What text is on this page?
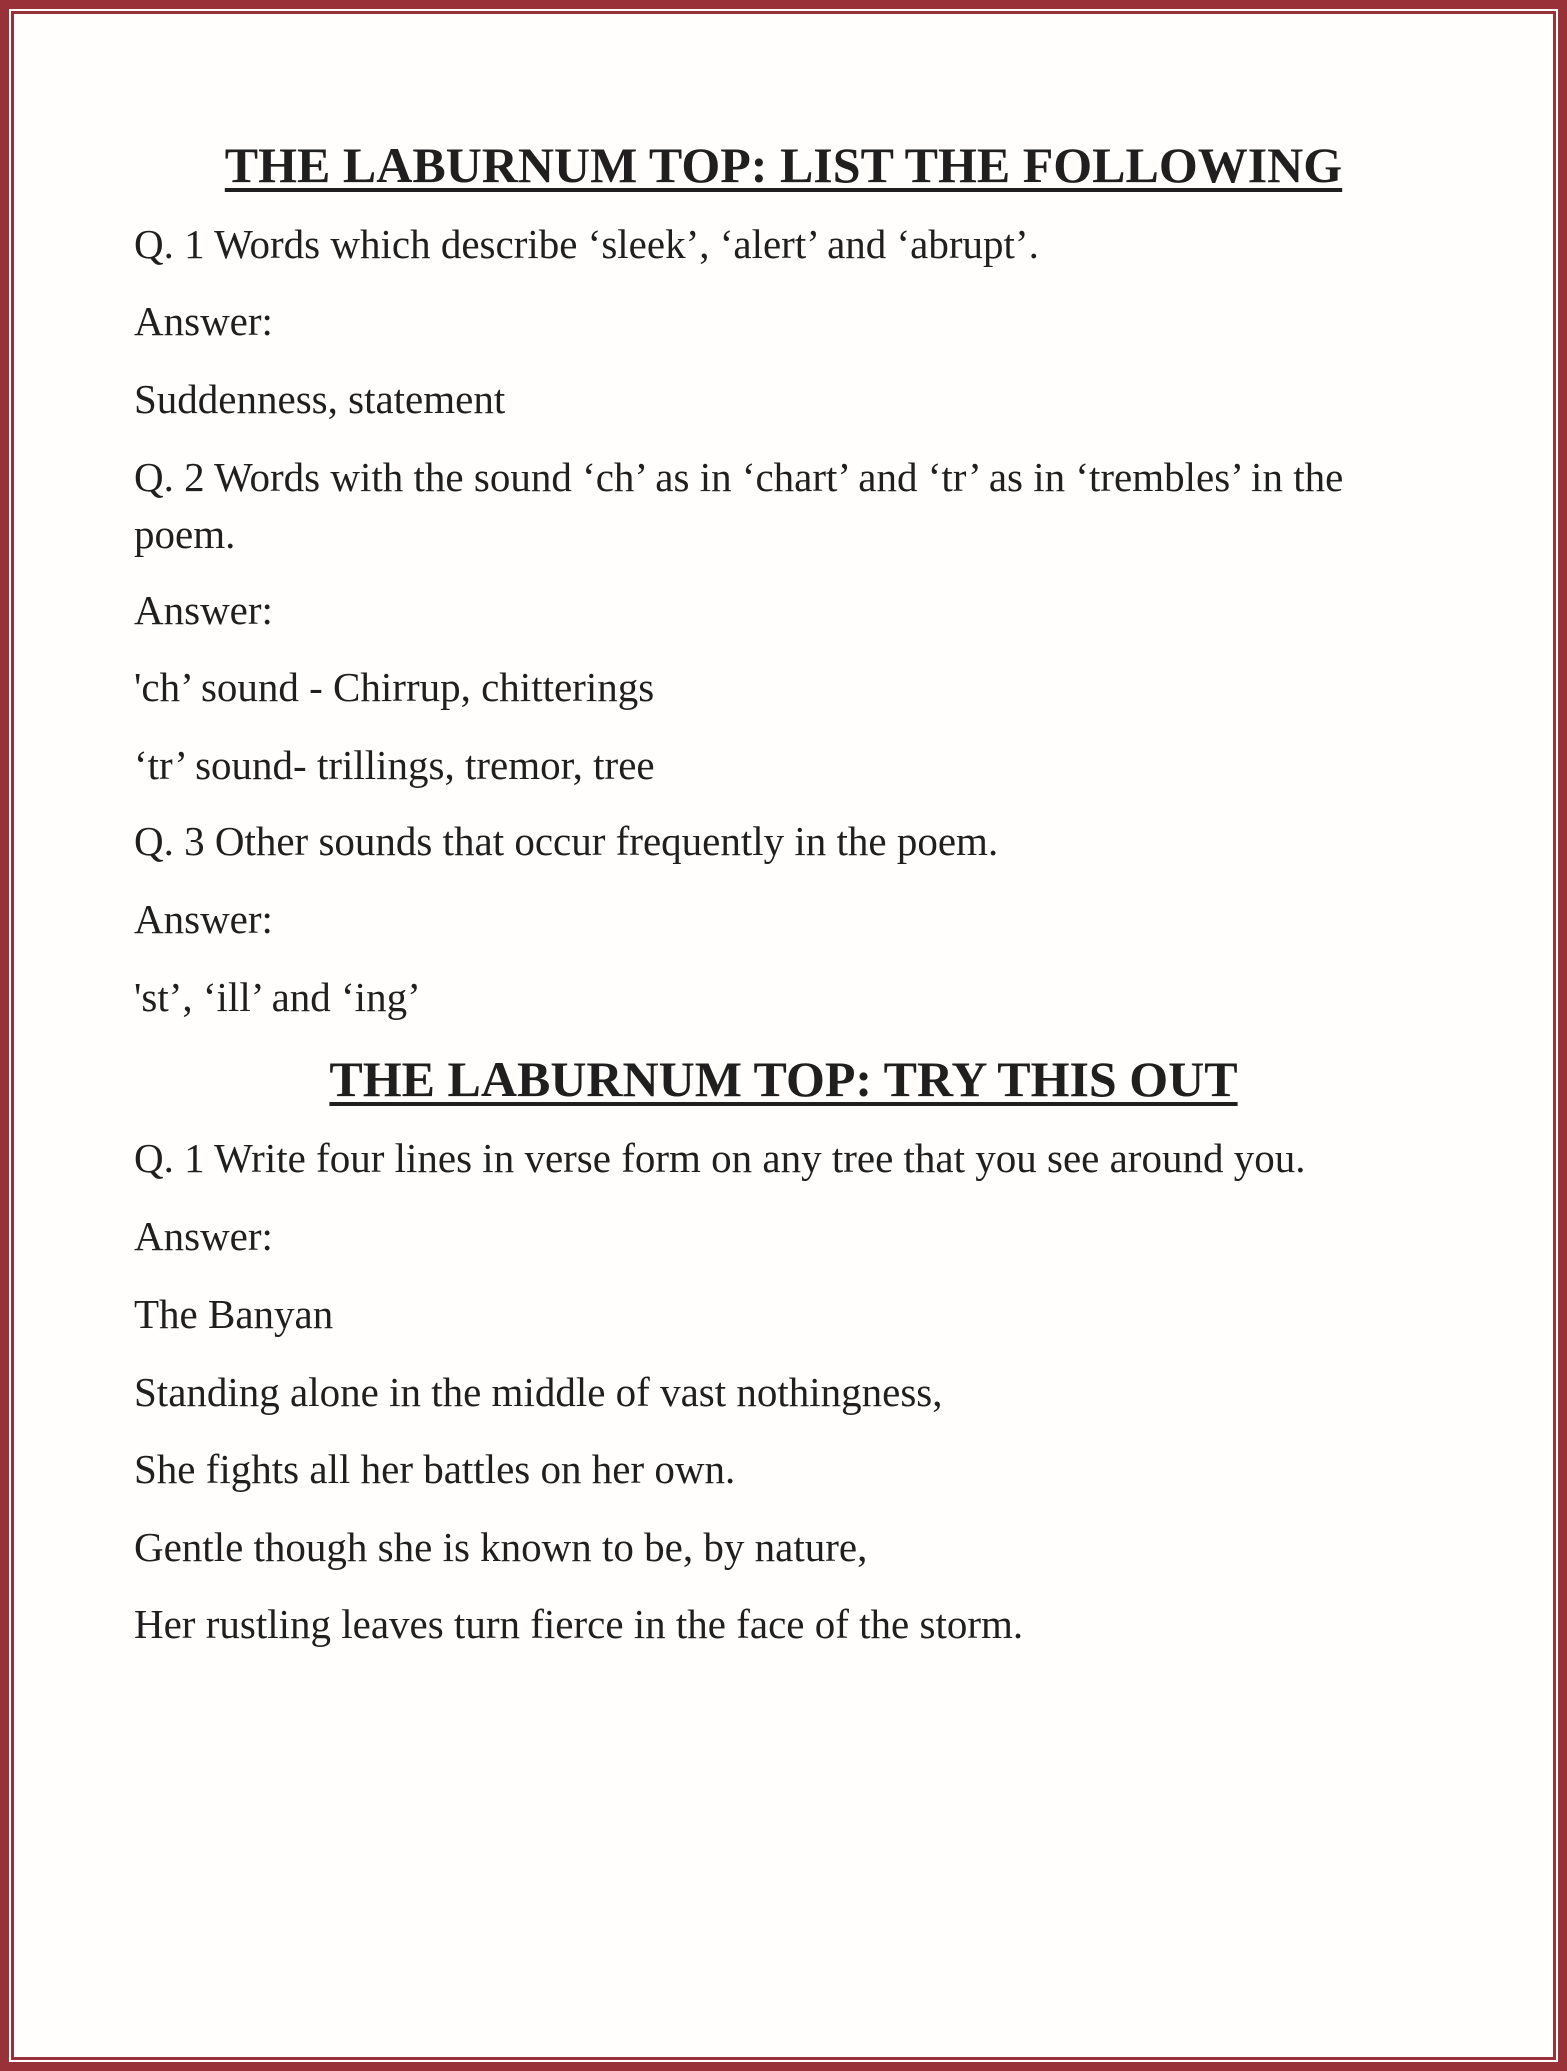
THE LABURNUM TOP: LIST THE FOLLOWING
Q. 1 Words which describe ‘sleek’, ‘alert’ and ‘abrupt’.
Answer:
Suddenness, statement
Q. 2 Words with the sound ‘ch’ as in ‘chart’ and ‘tr’ as in ‘trembles’ in the poem.
Answer:
'ch’ sound - Chirrup, chitterings
‘tr’ sound- trillings, tremor, tree
Q. 3 Other sounds that occur frequently in the poem.
Answer:
'st’, ‘ill’ and ‘ing’
THE LABURNUM TOP: TRY THIS OUT
Q. 1 Write four lines in verse form on any tree that you see around you.
Answer:
The Banyan
Standing alone in the middle of vast nothingness,
She fights all her battles on her own.
Gentle though she is known to be, by nature,
Her rustling leaves turn fierce in the face of the storm.
